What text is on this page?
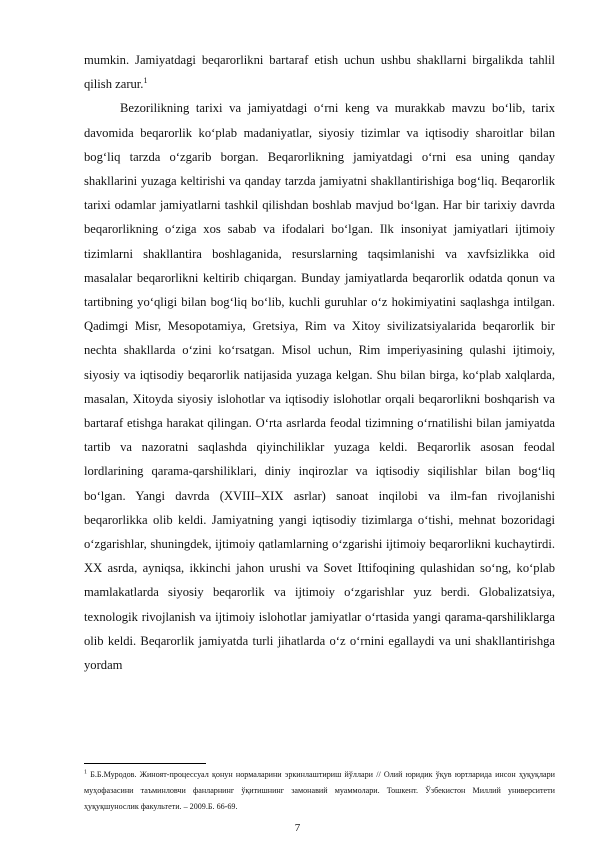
mumkin. Jamiyatdagi beqarorlikni bartaraf etish uchun ushbu shakllarni birgalikda tahlil qilish zarur.$^1$

Bezorilikning tarixi va jamiyatdagi o‘rni keng va murakkab mavzu bo‘lib, tarix davomida beqarorlik ko‘plab madaniyatlar, siyosiy tizimlar va iqtisodiy sharoitlar bilan bog‘liq tarzda o‘zgarib borgan. Beqarorlikning jamiyatdagi o‘rni esa uning qanday shakllarini yuzaga keltirishi va qanday tarzda jamiyatni shakllantirishiga bog‘liq. Beqarorlik tarixi odamlar jamiyatlarni tashkil qilishdan boshlab mavjud bo‘lgan. Har bir tarixiy davrda beqarorlikning o‘ziga xos sabab va ifodalari bo‘lgan. Ilk insoniyat jamiyatlari ijtimoiy tizimlarni shakllantira boshlaganida, resurslarning taqsimlanishi va xavfsizlikka oid masalalar beqarorlikni keltirib chiqargan. Bunday jamiyatlarda beqarorlik odatda qonun va tartibning yo‘qligi bilan bog‘liq bo‘lib, kuchli guruhlar o‘z hokimiyatini saqlashga intilgan. Qadimgi Misr, Mesopotamiya, Gretsiya, Rim va Xitoy sivilizatsiyalarida beqarorlik bir nechta shakllarda o‘zini ko‘rsatgan. Misol uchun, Rim imperiyasining qulashi ijtimoiy, siyosiy va iqtisodiy beqarorlik natijasida yuzaga kelgan. Shu bilan birga, ko‘plab xalqlarda, masalan, Xitoyda siyosiy islohotlar va iqtisodiy islohotlar orqali beqarorlikni boshqarish va bartaraf etishga harakat qilingan. O‘rta asrlarda feodal tizimning o‘rnatilishi bilan jamiyatda tartib va nazoratni saqlashda qiyinchiliklar yuzaga keldi. Beqarorlik asosan feodal lordlarining qarama-qarshiliklari, diniy inqirozlar va iqtisodiy siqilishlar bilan bog‘liq bo‘lgan. Yangi davrda (XVIII–XIX asrlar) sanoat inqilobi va ilm-fan rivojlanishi beqarorlikka olib keldi. Jamiyatning yangi iqtisodiy tizimlarga o‘tishi, mehnat bozoridagi o‘zgarishlar, shuningdek, ijtimoiy qatlamlarning o‘zgarishi ijtimoiy beqarorlikni kuchaytirdi. XX asrda, ayniqsa, ikkinchi jahon urushi va Sovet Ittifoqining qulashidan so‘ng, ko‘plab mamlakatlarda siyosiy beqarorlik va ijtimoiy o‘zgarishlar yuz berdi. Globalizatsiya, texnologik rivojlanish va ijtimoiy islohotlar jamiyatlar o‘rtasida yangi qarama-qarshiliklarga olib keldi. Beqarorlik jamiyatda turli jihatlarda o‘z o‘rnini egallaydi va uni shakllantirishga yordam

$^1$ Б.Б.Муродов. Жиноят-процессуал қонун нормаларини эркинлаштириш йўллари // Олий юридик ўқув юртларида инсон ҳуқуқлари муҳофазасини таъминловчи фанларнинг ўқитишнинг замонавий муаммолари. Тошкент. Ўзбекистон Миллий университети ҳуқуқшунослик факультети. – 2009.Б. 66-69.

7
